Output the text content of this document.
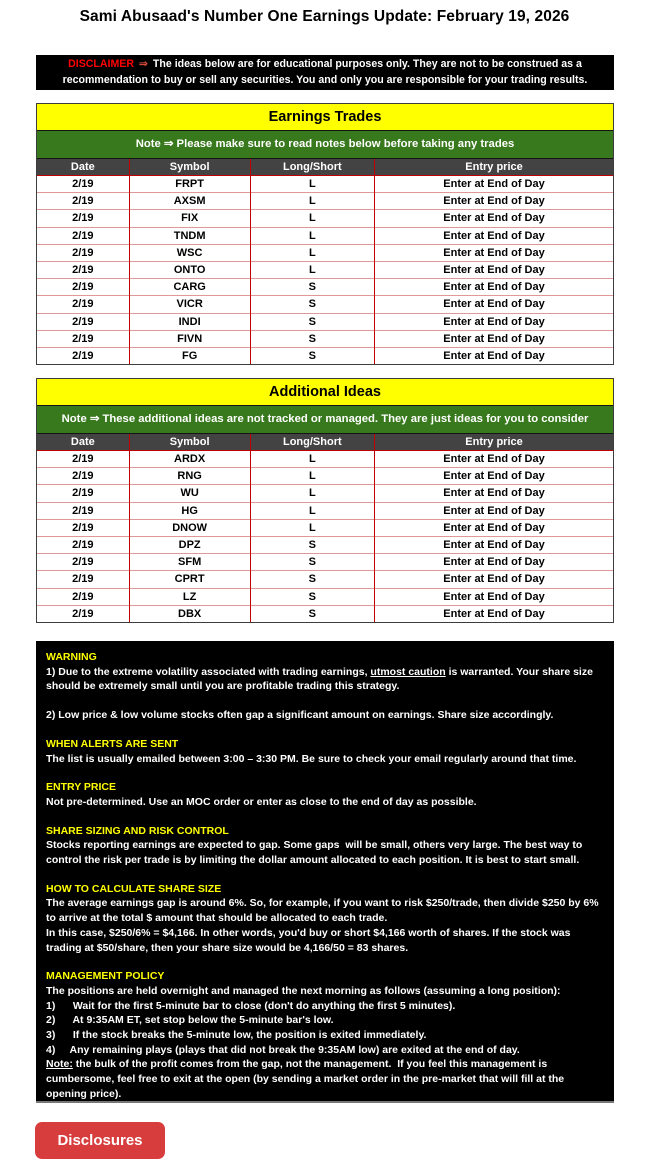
Sami Abusaad's Number One Earnings Update: February 19, 2026

DISCLAIMER ⇒ The ideas below are for educational purposes only. They are not to be construed as a recommendation to buy or sell any securities. You and only you are responsible for your trading results.

Earnings Trades
Note ⇒ Please make sure to read notes below before taking any trades
Date	Symbol	Long/Short	Entry price
2/19	FRPT	L	Enter at End of Day
2/19	AXSM	L	Enter at End of Day
2/19	FIX	L	Enter at End of Day
2/19	TNDM	L	Enter at End of Day
2/19	WSC	L	Enter at End of Day
2/19	ONTO	L	Enter at End of Day
2/19	CARG	S	Enter at End of Day
2/19	VICR	S	Enter at End of Day
2/19	INDI	S	Enter at End of Day
2/19	FIVN	S	Enter at End of Day
2/19	FG	S	Enter at End of Day
Additional Ideas
Note ⇒ These additional ideas are not tracked or managed. They are just ideas for you to consider
Date	Symbol	Long/Short	Entry price
2/19	ARDX	L	Enter at End of Day
2/19	RNG	L	Enter at End of Day
2/19	WU	L	Enter at End of Day
2/19	HG	L	Enter at End of Day
2/19	DNOW	L	Enter at End of Day
2/19	DPZ	S	Enter at End of Day
2/19	SFM	S	Enter at End of Day
2/19	CPRT	S	Enter at End of Day
2/19	LZ	S	Enter at End of Day
2/19	DBX	S	Enter at End of Day
WARNING
1) Due to the extreme volatility associated with trading earnings, utmost caution is warranted. Your share size should be extremely small until you are profitable trading this strategy.
2) Low price & low volume stocks often gap a significant amount on earnings. Share size accordingly.
WHEN ALERTS ARE SENT
The list is usually emailed between 3:00 – 3:30 PM. Be sure to check your email regularly around that time.
ENTRY PRICE
Not pre-determined. Use an MOC order or enter as close to the end of day as possible.
SHARE SIZING AND RISK CONTROL
Stocks reporting earnings are expected to gap. Some gaps  will be small, others very large. The best way to control the risk per trade is by limiting the dollar amount allocated to each position. It is best to start small.
HOW TO CALCULATE SHARE SIZE
The average earnings gap is around 6%. So, for example, if you want to risk $250/trade, then divide $250 by 6% to arrive at the total $ amount that should be allocated to each trade.
In this case, $250/6% = $4,166. In other words, you'd buy or short $4,166 worth of shares. If the stock was trading at $50/share, then your share size would be 4,166/50 = 83 shares.
MANAGEMENT POLICY
The positions are held overnight and managed the next morning as follows (assuming a long position):
1)      Wait for the first 5-minute bar to close (don't do anything the first 5 minutes).
2)      At 9:35AM ET, set stop below the 5-minute bar's low.
3)      If the stock breaks the 5-minute low, the position is exited immediately.
4)     Any remaining plays (plays that did not break the 9:35AM low) are exited at the end of day.
Note: the bulk of the profit comes from the gap, not the management.  If you feel this management is cumbersome, feel free to exit at the open (by sending a market order in the pre-market that will fill at the opening price).
Disclosures
